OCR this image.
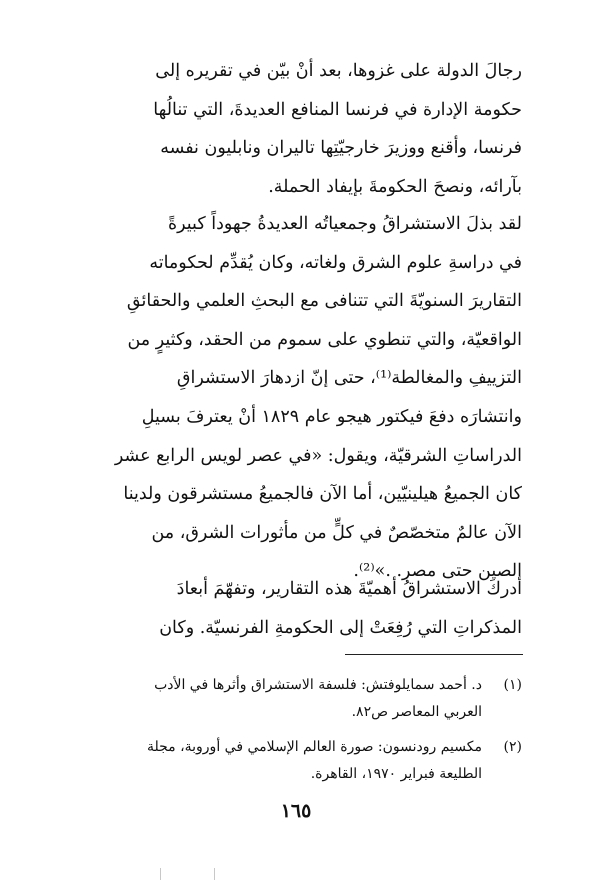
رجالَ الدولة على غزوها، بعد أنْ بيّن في تقريره إلى
حكومة الإدارة في فرنسا المنافع العديدةَ، التي تنالُها
فرنسا، وأقنع ووزيرَ خارجيّتِها تاليران ونابليون نفسه
بآرائه، ونصحَ الحكومةَ بإيفاد الحملة.
لقد بذلَ الاستشراقُ وجمعياتُه العديدةُ جهوداً كبيرةً
في دراسةِ علوم الشرق ولغاته، وكان يُقدِّم لحكوماته
التقاريرَ السنويّةَ التي تتنافى مع البحثِ العلمي والحقائقِ
الواقعيّة، والتي تنطوي على سموم من الحقد، وكثيرٍ من
التزييفِ والمغالطة⁽¹⁾، حتى إنّ ازدهارَ الاستشراقِ
وانتشارَه دفعَ فيكتور هيجو عام ١٨٢٩ أنْ يعترفَ بسيلِ
الدراساتِ الشرقيّة، ويقول: «في عصر لويس الرابع عشر
كان الجميعُ هيلينيّين، أما الآن فالجميعُ مستشرقون ولدينا
الآن عالمٌ متخصّصٌ في كلٍّ من مأثورات الشرق، من
الصين حتى مصر. .»⁽²⁾.
أدركَ الاستشراقُ أهميّةَ هذه التقارير، وتفهّمَ أبعادَ
المذكراتِ التي رُفِعَتْ إلى الحكومةِ الفرنسيّة. وكان
(١)
د. أحمد سمايلوفتش: فلسفة الاستشراق وأثرها في الأدب
العربي المعاصر ص٨٢.
(٢)
مكسيم رودنسون: صورة العالم الإسلامي في أوروبة، مجلة
الطليعة فبراير ١٩٧٠، القاهرة.
١٦٥
